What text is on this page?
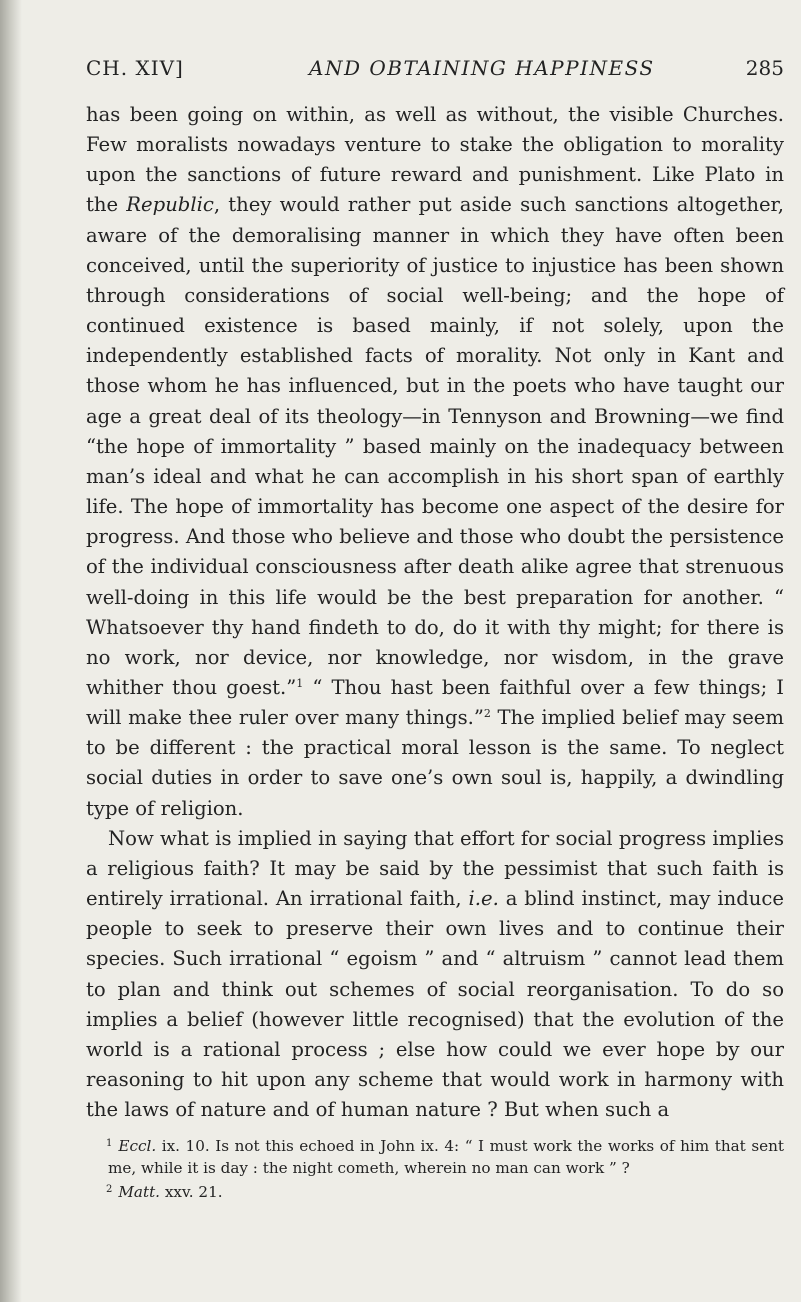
CH. XIV]	AND OBTAINING HAPPINESS	285

has been going on within, as well as without, the visible Churches. Few moralists nowadays venture to stake the obligation to morality upon the sanctions of future reward and punishment. Like Plato in the Republic, they would rather put aside such sanctions altogether, aware of the demoralising manner in which they have often been conceived, until the superiority of justice to injustice has been shown through considerations of social well-being; and the hope of continued existence is based mainly, if not solely, upon the independently established facts of morality. Not only in Kant and those whom he has influenced, but in the poets who have taught our age a great deal of its theology—in Tennyson and Browning—we find “the hope of immortality ” based mainly on the inadequacy between man’s ideal and what he can accomplish in his short span of earthly life. The hope of immortality has become one aspect of the desire for progress. And those who believe and those who doubt the persistence of the individual consciousness after death alike agree that strenuous well-doing in this life would be the best preparation for another. “ Whatsoever thy hand findeth to do, do it with thy might; for there is no work, nor device, nor knowledge, nor wisdom, in the grave whither thou goest.”$^1$ “ Thou hast been faithful over a few things; I will make thee ruler over many things.”$^2$ The implied belief may seem to be different : the practical moral lesson is the same. To neglect social duties in order to save one’s own soul is, happily, a dwindling type of religion.

Now what is implied in saying that effort for social progress implies a religious faith? It may be said by the pessimist that such faith is entirely irrational. An irrational faith, i.e. a blind instinct, may induce people to seek to preserve their own lives and to continue their species. Such irrational “ egoism ” and “ altruism ” cannot lead them to plan and think out schemes of social reorganisation. To do so implies a belief (however little recognised) that the evolution of the world is a rational process ; else how could we ever hope by our reasoning to hit upon any scheme that would work in harmony with the laws of nature and of human nature ? But when such a

$^1$ Eccl. ix. 10. Is not this echoed in John ix. 4: “ I must work the works of him that sent me, while it is day : the night cometh, wherein no man can work ” ?

$^2$ Matt. xxv. 21.
